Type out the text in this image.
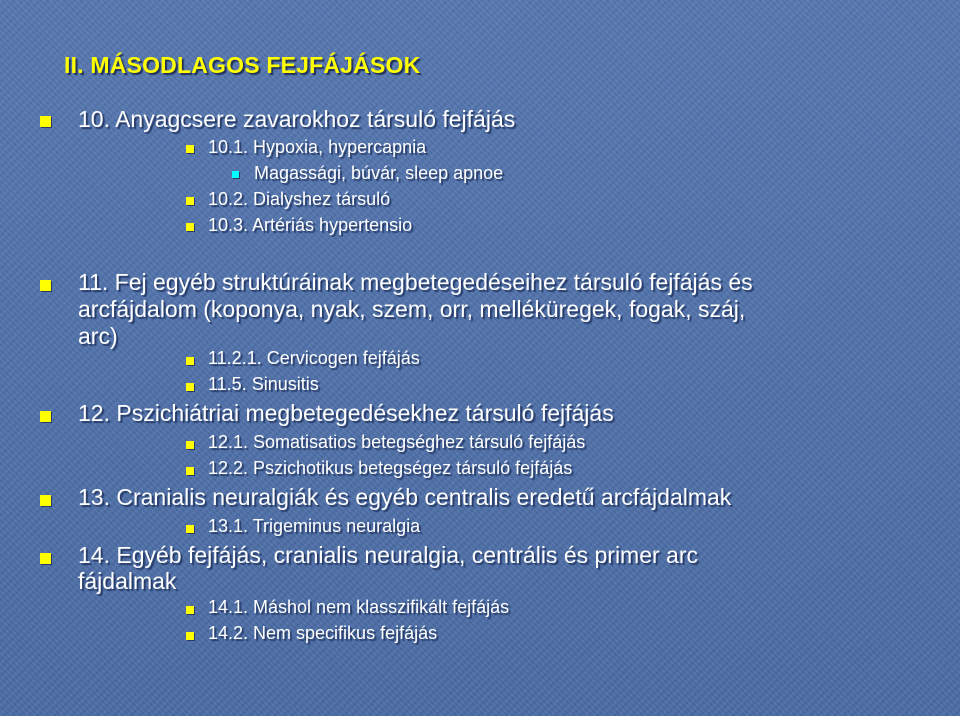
II. MÁSODLAGOS FEJFÁJÁSOK
10. Anyagcsere zavarokhoz társuló fejfájás
10.1. Hypoxia, hypercapnia
Magassági, búvár, sleep apnoe
10.2. Dialyshez társuló
10.3. Artériás hypertensio
11. Fej egyéb struktúráinak megbetegedéseihez társuló fejfájás és
arcfájdalom (koponya, nyak, szem, orr, melléküregek, fogak, száj,
arc)
11.2.1. Cervicogen fejfájás
11.5. Sinusitis
12. Pszichiátriai megbetegedésekhez társuló fejfájás
12.1. Somatisatios betegséghez társuló fejfájás
12.2. Pszichotikus betegségez társuló fejfájás
13. Cranialis neuralgiák és egyéb centralis eredetű arcfájdalmak
13.1. Trigeminus neuralgia
14. Egyéb fejfájás, cranialis neuralgia, centrális és primer arc
fájdalmak
14.1. Máshol nem klasszifikált fejfájás
14.2. Nem specifikus fejfájás
